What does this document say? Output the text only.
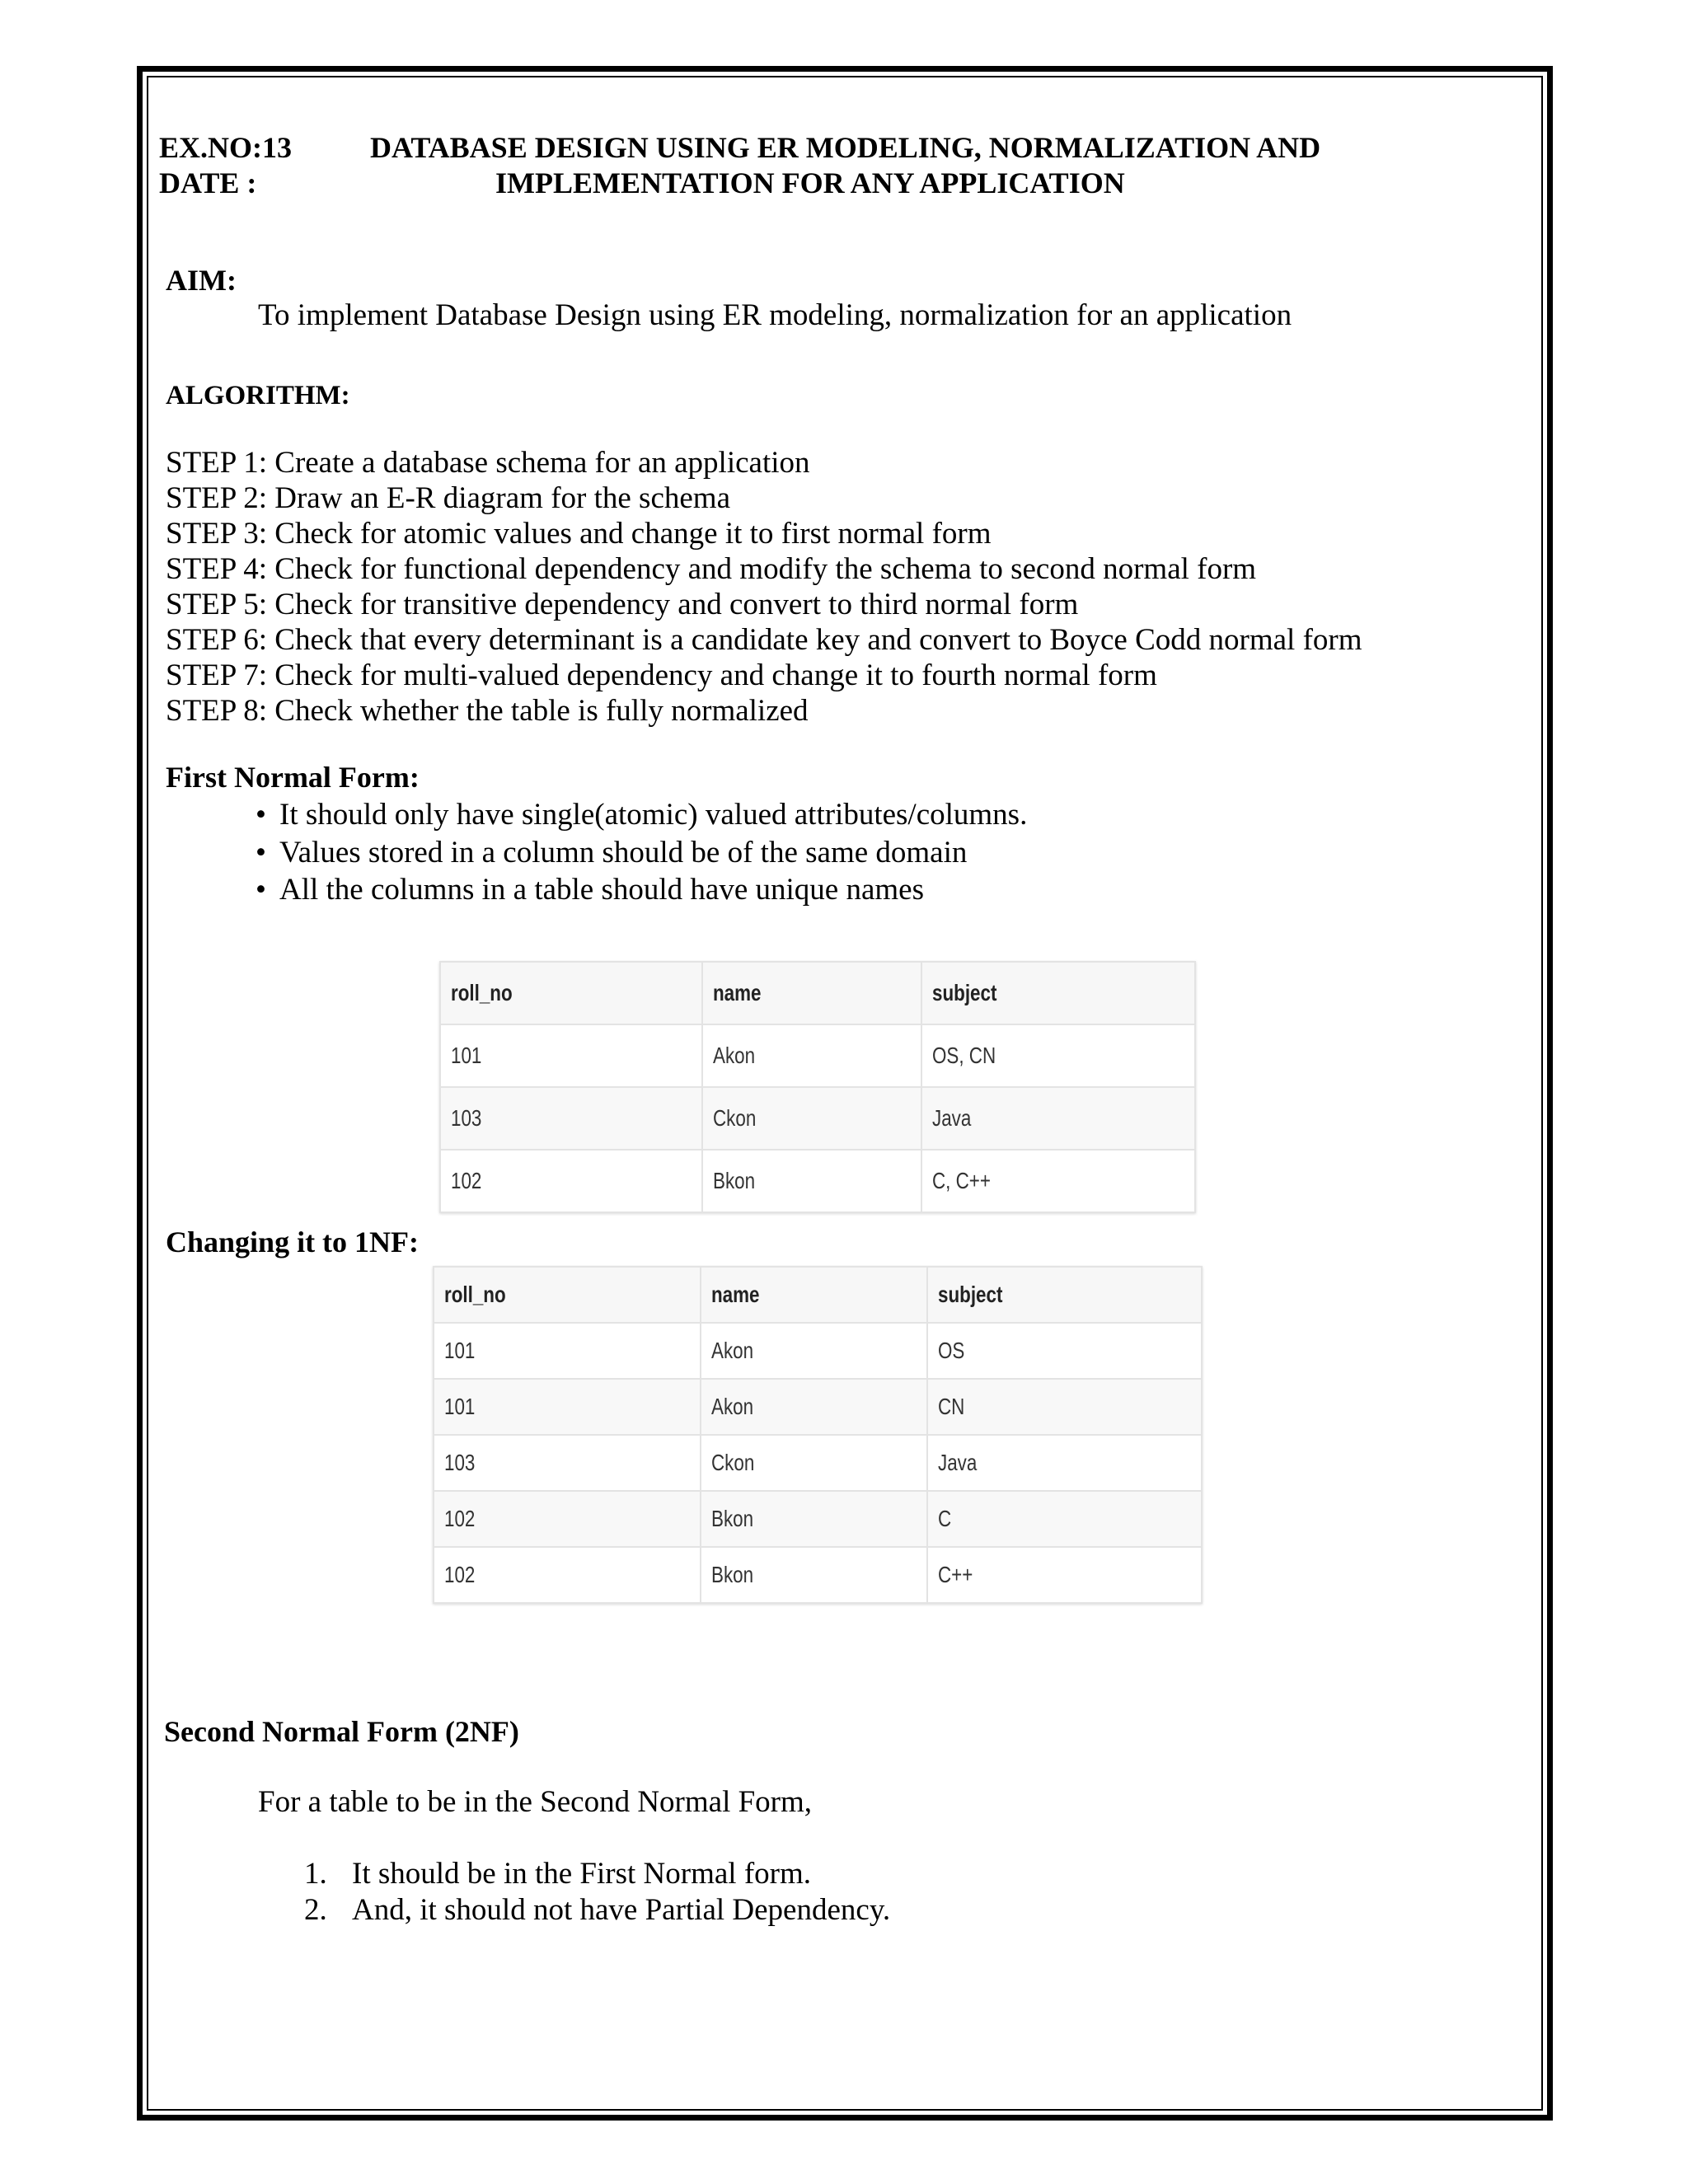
EX.NO:13	DATABASE DESIGN USING ER MODELING, NORMALIZATION AND
DATE :	IMPLEMENTATION FOR ANY APPLICATION
AIM:
To implement Database Design using ER modeling, normalization for an application
ALGORITHM:
STEP 1: Create a database schema for an application
STEP 2: Draw an E-R diagram for the schema
STEP 3: Check for atomic values and change it to first normal form
STEP 4: Check for functional dependency and modify the schema to second normal form
STEP 5: Check for transitive dependency and convert to third normal form
STEP 6: Check that every determinant is a candidate key and convert to Boyce Codd normal form
STEP 7: Check for multi-valued dependency and change it to fourth normal form
STEP 8: Check whether the table is fully normalized
First Normal Form:
• It should only have single(atomic) valued attributes/columns.
• Values stored in a column should be of the same domain
• All the columns in a table should have unique names
roll_no	name	subject
101	Akon	OS, CN
103	Ckon	Java
102	Bkon	C, C++
Changing it to 1NF:
roll_no	name	subject
101	Akon	OS
101	Akon	CN
103	Ckon	Java
102	Bkon	C
102	Bkon	C++
Second Normal Form (2NF)
For a table to be in the Second Normal Form,
1. It should be in the First Normal form.
2. And, it should not have Partial Dependency.
